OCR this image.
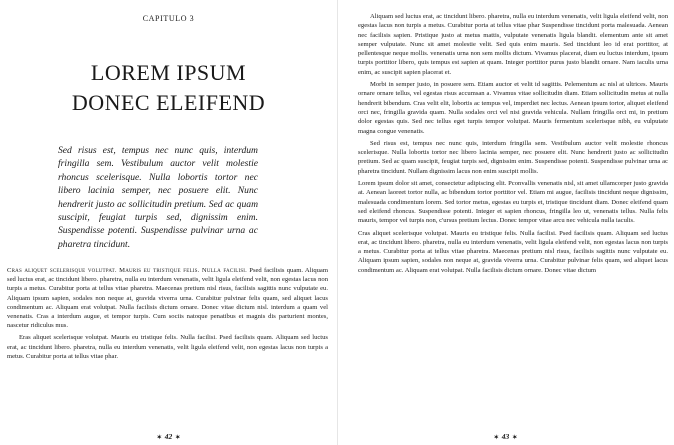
CAPITULO 3
LOREM IPSUM
DONEC ELEIFEND
Sed risus est, tempus nec nunc quis, interdum fringilla sem. Vestibulum auctor velit molestie rhoncus scelerisque. Nulla lobortis tortor nec libero lacinia semper, nec posuere elit. Nunc hendrerit justo ac sollicitudin pretium. Sed ac quam suscipit, feugiat turpis sed, dignissim enim. Suspendisse potenti. Suspendisse pulvinar urna ac pharetra tincidunt.

Cras aliquet scelerisque volutpat. Mauris eu tristique felis. Nulla facilisi. Psed facilisis quam. Aliquam sed luctus erat, ac tincidunt libero. pharetra, nulla eu interdum venenatis, velit ligula eleifend velit, non egestas lacus non turpis a metus. Curabitur porta at tellus vitae pharetra. Maecenas pretium nisl risus, facilisis sagittis nunc vulputate eu. Aliquam ipsum sapien, sodales non neque at, gravida viverra urna. Curabitur pulvinar felis quam, sed aliquet lacus condimentum ac. Aliquam erat volutpat. Nulla facilisis dictum ornare. Donec vitae dictum nisl. interdum a quam vel venenatis. Cras a interdum augue, et tempor turpis. Cum sociis natoque penatibus et magnis dis parturient montes, nascetur ridiculus mus.

Eras aliquet scelerisque volutpat. Mauris eu tristique felis. Nulla facilisi. Psed facilisis quam. Aliquam sed luctus erat, ac tincidunt libero. pharetra, nulla eu interdum venenatis, velit ligula eleifend velit, non egestas lacus non turpis a metus. Curabitur porta at tellus vitae phar.

✶ 42 ✶

Aliquam sed luctus erat, ac tincidunt libero. pharetra, nulla eu interdum venenatis, velit ligula eleifend velit, non egestas lacus non turpis a metus. Curabitur porta at tellus vitae phar Suspendisse tincidunt porta malesuada. Aenean nec facilisis sapien. Pristique justo at metus mattis, vulputate venenatis ligula blandit. elementum ante sit amet semper vulputate. Nunc sit amet molestie velit. Sed quis enim mauris. Sed tincidunt leo id erat porttitor, at pellentesque neque mollis. venenatis urna non sem mollis dictum. Vivamus placerat, diam eu luctus interdum, ipsum turpis porttitor libero, quis tempus est sapien at quam. Integer porttitor purus justo blandit ornare. Nam iaculis urna enim, ac suscipit sapien placerat et.

Morbi in semper justo, in posuere sem. Etiam auctor et velit id sagittis. Pelementum ac nisl at ultrices. Mauris ornare ornare tellus, vel egestas risus accumsan a. Vivamus vitae sollicitudin diam. Etiam sollicitudin metus at nulla hendrerit bibendum. Cras velit elit, lobortis ac tempus vel, imperdiet nec lectus. Aenean ipsum tortor, aliquet eleifend orci nec, fringilla gravida quam. Nulla sodales orci vel nisi gravida vehicula. Nullam fringilla orci mi, in pretium dolor egestas quis. Sed nec tellus eget turpis tempor volutpat. Mauris fermentum scelerisque nibh, eu vulputate magna congue venenatis.

Sed risus est, tempus nec nunc quis, interdum fringilla sem. Vestibulum auctor velit molestie rhoncus scelerisque. Nulla lobortis tortor nec libero lacinia semper, nec posuere elit. Nunc hendrerit justo ac sollicitudin pretium. Sed ac quam suscipit, feugiat turpis sed, dignissim enim. Suspendisse potenti. Suspendisse pulvinar urna ac pharetra tincidunt. Nullam dignissim lacus non enim suscipit mollis.

Lorem ipsum dolor sit amet, consectetur adipiscing elit. Pconvallis venenatis nisl, sit amet ullamcorper justo gravida at. Aenean laoreet tortor nulla, ac bibendum tortor porttitor vel. Etiam mi augue, facilisis tincidunt neque dignissim, malesuada condimentum lorem. Sed tortor metus, egestas eu turpis et, tristique tincidunt diam. Donec eleifend quam sed eleifend rhoncus. Suspendisse potenti. Integer et sapien rhoncus, fringilla leo ut, venenatis tellus. Nulla felis mauris, tempor vel turpis non, c'ursus pretium lectus. Donec tempor vitae arcu nec vehicula nulla iaculis.

Cras aliquet scelerisque volutpat. Mauris eu tristique felis. Nulla facilisi. Psed facilisis quam. Aliquam sed luctus erat, ac tincidunt libero. pharetra, nulla eu interdum venenatis, velit ligula eleifend velit, non egestas lacus non turpis a metus. Curabitur porta at tellus vitae pharetra. Maecenas pretium nisl risus, facilisis sagittis nunc vulputate eu. Aliquam ipsum sapien, sodales non neque at, gravida viverra urna. Curabitur pulvinar felis quam, sed aliquet lacus condimentum ac. Aliquam erat volutpat. Nulla facilisis dictum ornare. Donec vitae dictum

✶ 43 ✶
